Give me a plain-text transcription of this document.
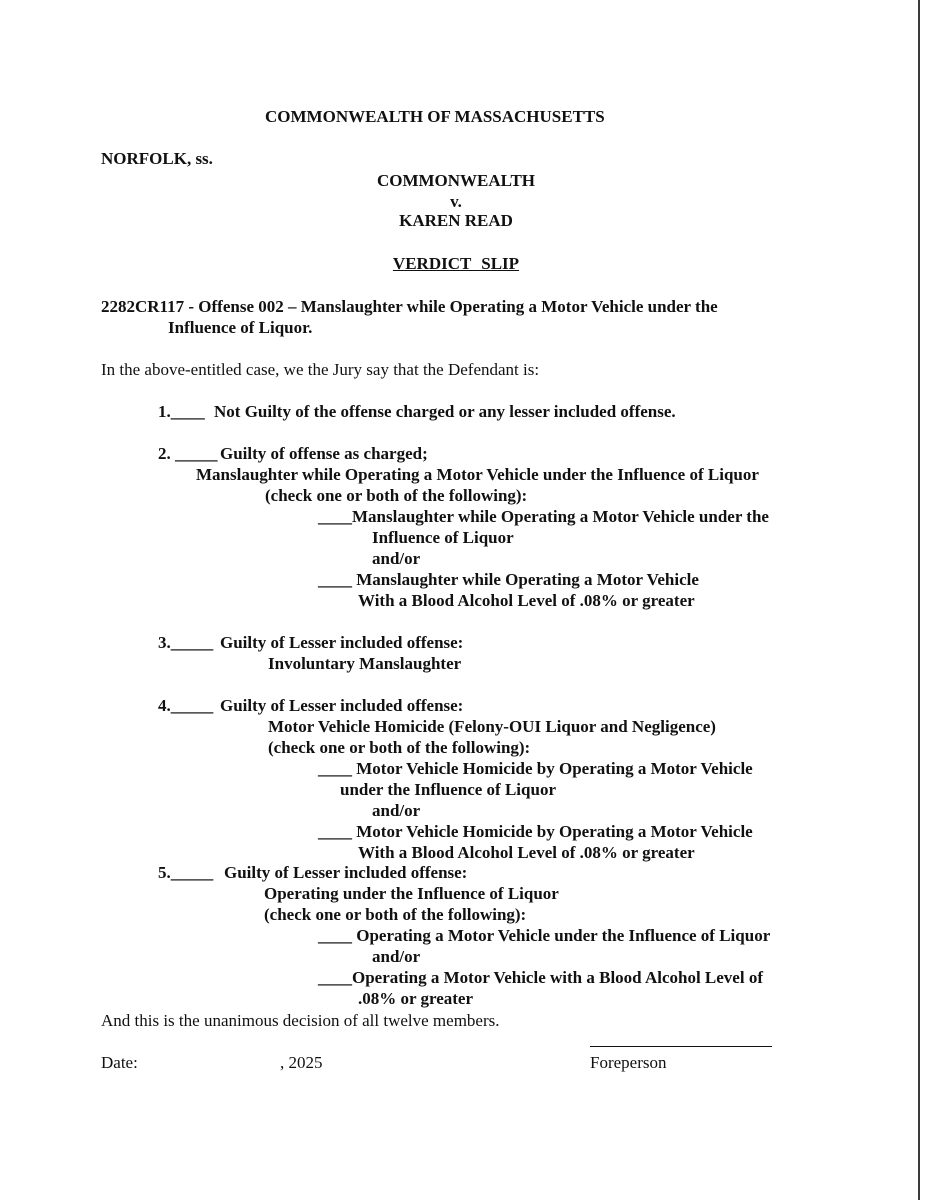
COMMONWEALTH OF MASSACHUSETTS
NORFOLK, ss.
COMMONWEALTH
v.
KAREN READ
VERDICT SLIP
2282CR117 - Offense 002 – Manslaughter while Operating a Motor Vehicle under the
Influence of Liquor.
In the above-entitled case, we the Jury say that the Defendant is:
1.____ Not Guilty of the offense charged or any lesser included offense.
2. _____ Guilty of offense as charged;
Manslaughter while Operating a Motor Vehicle under the Influence of Liquor
(check one or both of the following):
____Manslaughter while Operating a Motor Vehicle under the
Influence of Liquor
and/or
____ Manslaughter while Operating a Motor Vehicle
With a Blood Alcohol Level of .08% or greater
3._____ Guilty of Lesser included offense:
Involuntary Manslaughter
4._____ Guilty of Lesser included offense:
Motor Vehicle Homicide (Felony-OUI Liquor and Negligence)
(check one or both of the following):
____ Motor Vehicle Homicide by Operating a Motor Vehicle
under the Influence of Liquor
and/or
____ Motor Vehicle Homicide by Operating a Motor Vehicle
With a Blood Alcohol Level of .08% or greater
5._____ Guilty of Lesser included offense:
Operating under the Influence of Liquor
(check one or both of the following):
____ Operating a Motor Vehicle under the Influence of Liquor
and/or
____Operating a Motor Vehicle with a Blood Alcohol Level of
.08% or greater
And this is the unanimous decision of all twelve members.
Date:	, 2025	Foreperson
